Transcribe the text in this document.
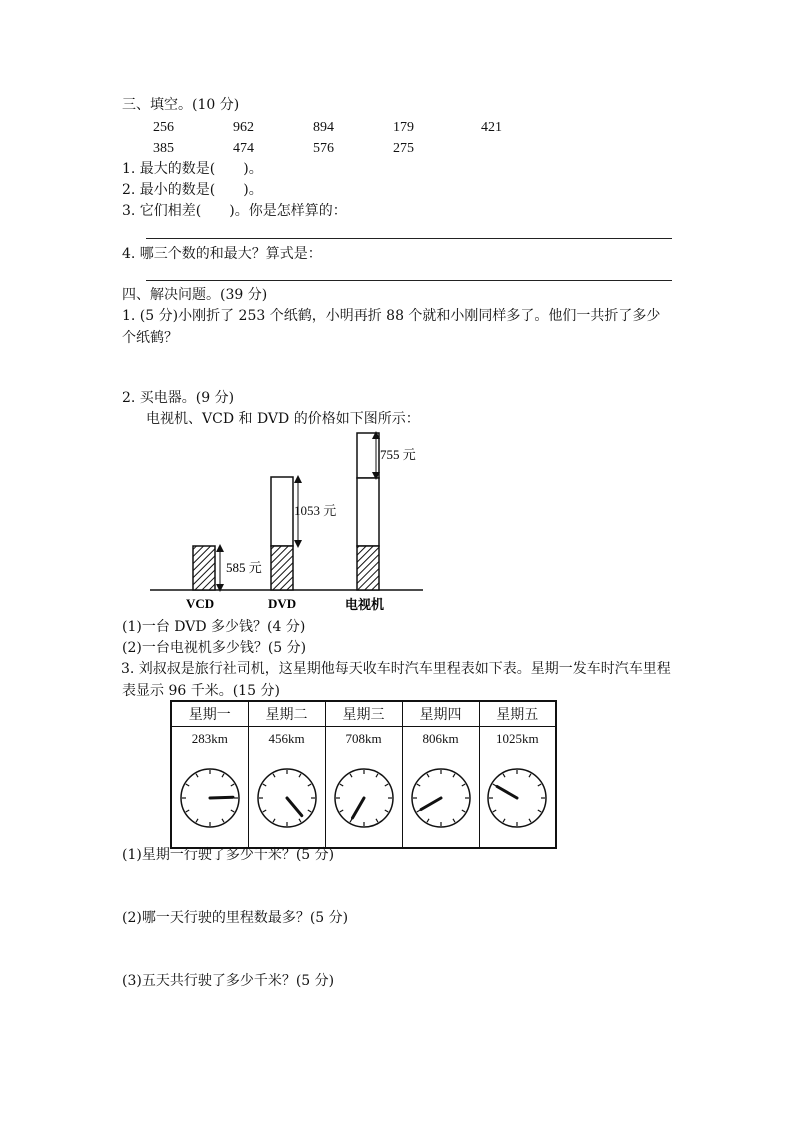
三、填空。(10 分)
256	962	894	179	421
385	474	576	275
1. 最大的数是(　　)。
2. 最小的数是(　　)。
3. 它们相差(　　)。你是怎样算的：
4. 哪三个数的和最大？算式是：
四、解决问题。(39 分)
1. (5 分)小刚折了 253 个纸鹤，小明再折 88 个就和小刚同样多了。他们一共折了多少个纸鹤？
2. 买电器。(9 分)
电视机、VCD 和 DVD 的价格如下图所示：
585 元
VCD
1053 元
DVD
755 元
电视机
(1)一台 DVD 多少钱？(4 分)
(2)一台电视机多少钱？(5 分)
3. 刘叔叔是旅行社司机，这星期他每天收车时汽车里程表如下表。星期一发车时汽车里程表显示 96 千米。(15 分)
星期一	星期二	星期三	星期四	星期五
283km	456km	708km	806km	1025km

(1)星期一行驶了多少千米？(5 分)
(2)哪一天行驶的里程数最多？(5 分)
(3)五天共行驶了多少千米？(5 分)
